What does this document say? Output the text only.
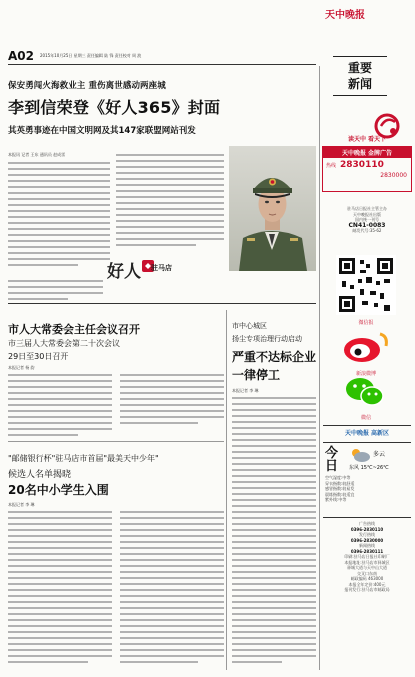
A02 2015年10月25日 星期三 责任编辑 陆 锋 责任校对 周 波
天中晚报
重要
新闻
读天中 看天下
天中晚报 金牌广告
热线 2830110
2830000
驻马店日报社主管主办
天中晚报社出版
国内统一刊号
CN41-0083
邮发代号:35-62
微信报
新浪微博
微信
天中晚报 高新区
今
日
多云
东风 15℃~26℃
空气湿度:中等
穿衣指数:较舒适
感冒指数:较易发
晨练指数:较适宜
紫外线:中等
广告热线
0396-2830110
发行热线
0396-2830000
新闻热线
0396-2830111
印刷:驻马店日报社印刷厂
本报地址:驻马店市驿城区
驿城大道与天中山大道
交叉口东南
邮政编码 463000
本报全年定价:400元
报刊发行:驻马店市邮政局
保安勇闯火海救业主 重伤离世感动两座城
李到信荣登《好人365》封面
其英勇事迹在中国文明网及其147家联盟网站刊发
本报讯 记者 王东 通讯员 赵成雷
好人 驻马店
市人大常委会主任会议召开
市三届人大常委会第二十次会议
29日至30日召开
本报记者 杨 韵
"邮储银行杯"驻马店市首届"最美天中少年"
候选人名单揭晓
20名中小学生入围
本报记者 李 琳
市中心城区
扬尘专项治理行动启动
严重不达标企业
一律停工
本报记者 李 琳
